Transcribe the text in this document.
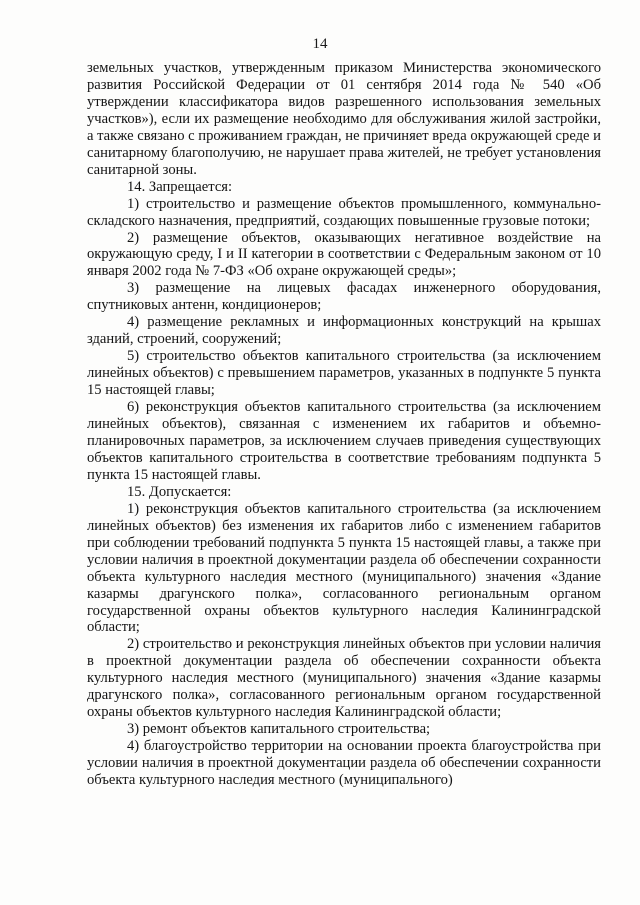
14

земельных участков, утвержденным приказом Министерства экономического развития Российской Федерации от 01 сентября 2014 года № 540 «Об утверждении классификатора видов разрешенного использования земельных участков»), если их размещение необходимо для обслуживания жилой застройки, а также связано с проживанием граждан, не причиняет вреда окружающей среде и санитарному благополучию, не нарушает права жителей, не требует установления санитарной зоны.

14. Запрещается:

1) строительство и размещение объектов промышленного, коммунально-складского назначения, предприятий, создающих повышенные грузовые потоки;

2) размещение объектов, оказывающих негативное воздействие на окружающую среду, I и II категории в соответствии с Федеральным законом от 10 января 2002 года № 7-ФЗ «Об охране окружающей среды»;

3) размещение на лицевых фасадах инженерного оборудования, спутниковых антенн, кондиционеров;

4) размещение рекламных и информационных конструкций на крышах зданий, строений, сооружений;

5) строительство объектов капитального строительства (за исключением линейных объектов) с превышением параметров, указанных в подпункте 5 пункта 15 настоящей главы;

6) реконструкция объектов капитального строительства (за исключением линейных объектов), связанная с изменением их габаритов и объемно-планировочных параметров, за исключением случаев приведения существующих объектов капитального строительства в соответствие требованиям подпункта 5 пункта 15 настоящей главы.

15. Допускается:

1) реконструкция объектов капитального строительства (за исключением линейных объектов) без изменения их габаритов либо с изменением габаритов при соблюдении требований подпункта 5 пункта 15 настоящей главы, а также при условии наличия в проектной документации раздела об обеспечении сохранности объекта культурного наследия местного (муниципального) значения «Здание казармы драгунского полка», согласованного региональным органом государственной охраны объектов культурного наследия Калининградской области;

2) строительство и реконструкция линейных объектов при условии наличия в проектной документации раздела об обеспечении сохранности объекта культурного наследия местного (муниципального) значения «Здание казармы драгунского полка», согласованного региональным органом государственной охраны объектов культурного наследия Калининградской области;

3) ремонт объектов капитального строительства;

4) благоустройство территории на основании проекта благоустройства при условии наличия в проектной документации раздела об обеспечении сохранности объекта культурного наследия местного (муниципального)
